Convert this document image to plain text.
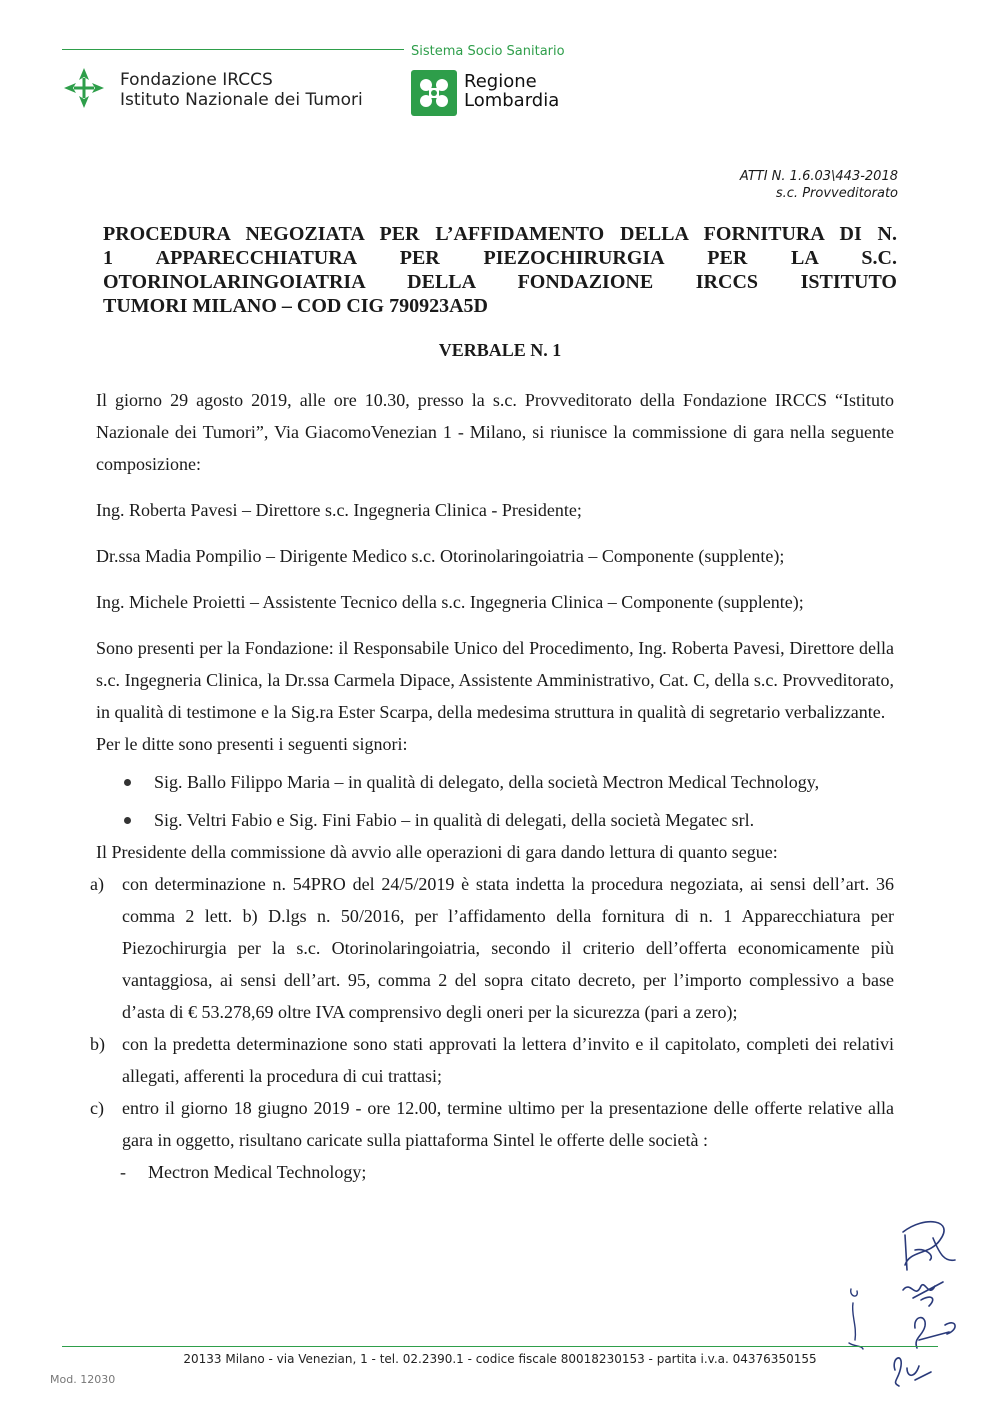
Sistema Socio Sanitario
Fondazione IRCCS
Istituto Nazionale dei Tumori
Regione
Lombardia
ATTI N. 1.6.03\443-2018
s.c. Provveditorato
PROCEDURA NEGOZIATA PER L’AFFIDAMENTO DELLA FORNITURA DI N.
1 APPARECCHIATURA PER PIEZOCHIRURGIA PER LA S.C.
OTORINOLARINGOIATRIA DELLA FONDAZIONE IRCCS ISTITUTO
TUMORI MILANO – COD CIG 790923A5D
VERBALE N. 1

Il giorno 29 agosto 2019, alle ore 10.30, presso la s.c. Provveditorato della Fondazione IRCCS “Istituto Nazionale dei Tumori”, Via GiacomoVenezian 1 - Milano, si riunisce la commissione di gara nella seguente composizione:

Ing. Roberta Pavesi – Direttore s.c. Ingegneria Clinica - Presidente;

Dr.ssa Madia Pompilio – Dirigente Medico s.c. Otorinolaringoiatria – Componente (supplente);

Ing. Michele Proietti – Assistente Tecnico della s.c. Ingegneria Clinica – Componente (supplente);

Sono presenti per la Fondazione: il Responsabile Unico del Procedimento, Ing. Roberta Pavesi, Direttore della s.c. Ingegneria Clinica, la Dr.ssa Carmela Dipace, Assistente Amministrativo, Cat. C, della s.c. Provveditorato, in qualità di testimone e la Sig.ra Ester Scarpa, della medesima struttura in qualità di segretario verbalizzante.

Per le ditte sono presenti i seguenti signori:

Sig. Ballo Filippo Maria – in qualità di delegato, della società Mectron Medical Technology,
Sig. Veltri Fabio e Sig. Fini Fabio – in qualità di delegati, della società Megatec srl.

Il Presidente della commissione dà avvio alle operazioni di gara dando lettura di quanto segue:

a) con determinazione n. 54PRO del 24/5/2019 è stata indetta la procedura negoziata, ai sensi dell’art. 36 comma 2 lett. b) D.lgs n. 50/2016, per l’affidamento della fornitura di n. 1 Apparecchiatura per Piezochirurgia per la s.c. Otorinolaringoiatria, secondo il criterio dell’offerta economicamente più vantaggiosa, ai sensi dell’art. 95, comma 2 del sopra citato decreto, per l’importo complessivo a base d’asta di € 53.278,69 oltre IVA comprensivo degli oneri per la sicurezza (pari a zero);
b) con la predetta determinazione sono stati approvati la lettera d’invito e il capitolato, completi dei relativi allegati, afferenti la procedura di cui trattasi;
c) entro il giorno 18 giugno 2019 - ore 12.00, termine ultimo per la presentazione delle offerte relative alla gara in oggetto, risultano caricate sulla piattaforma Sintel le offerte delle società :
- Mectron Medical Technology;
20133 Milano - via Venezian, 1 - tel. 02.2390.1 - codice fiscale 80018230153 - partita i.v.a. 04376350155
Mod. 12030
